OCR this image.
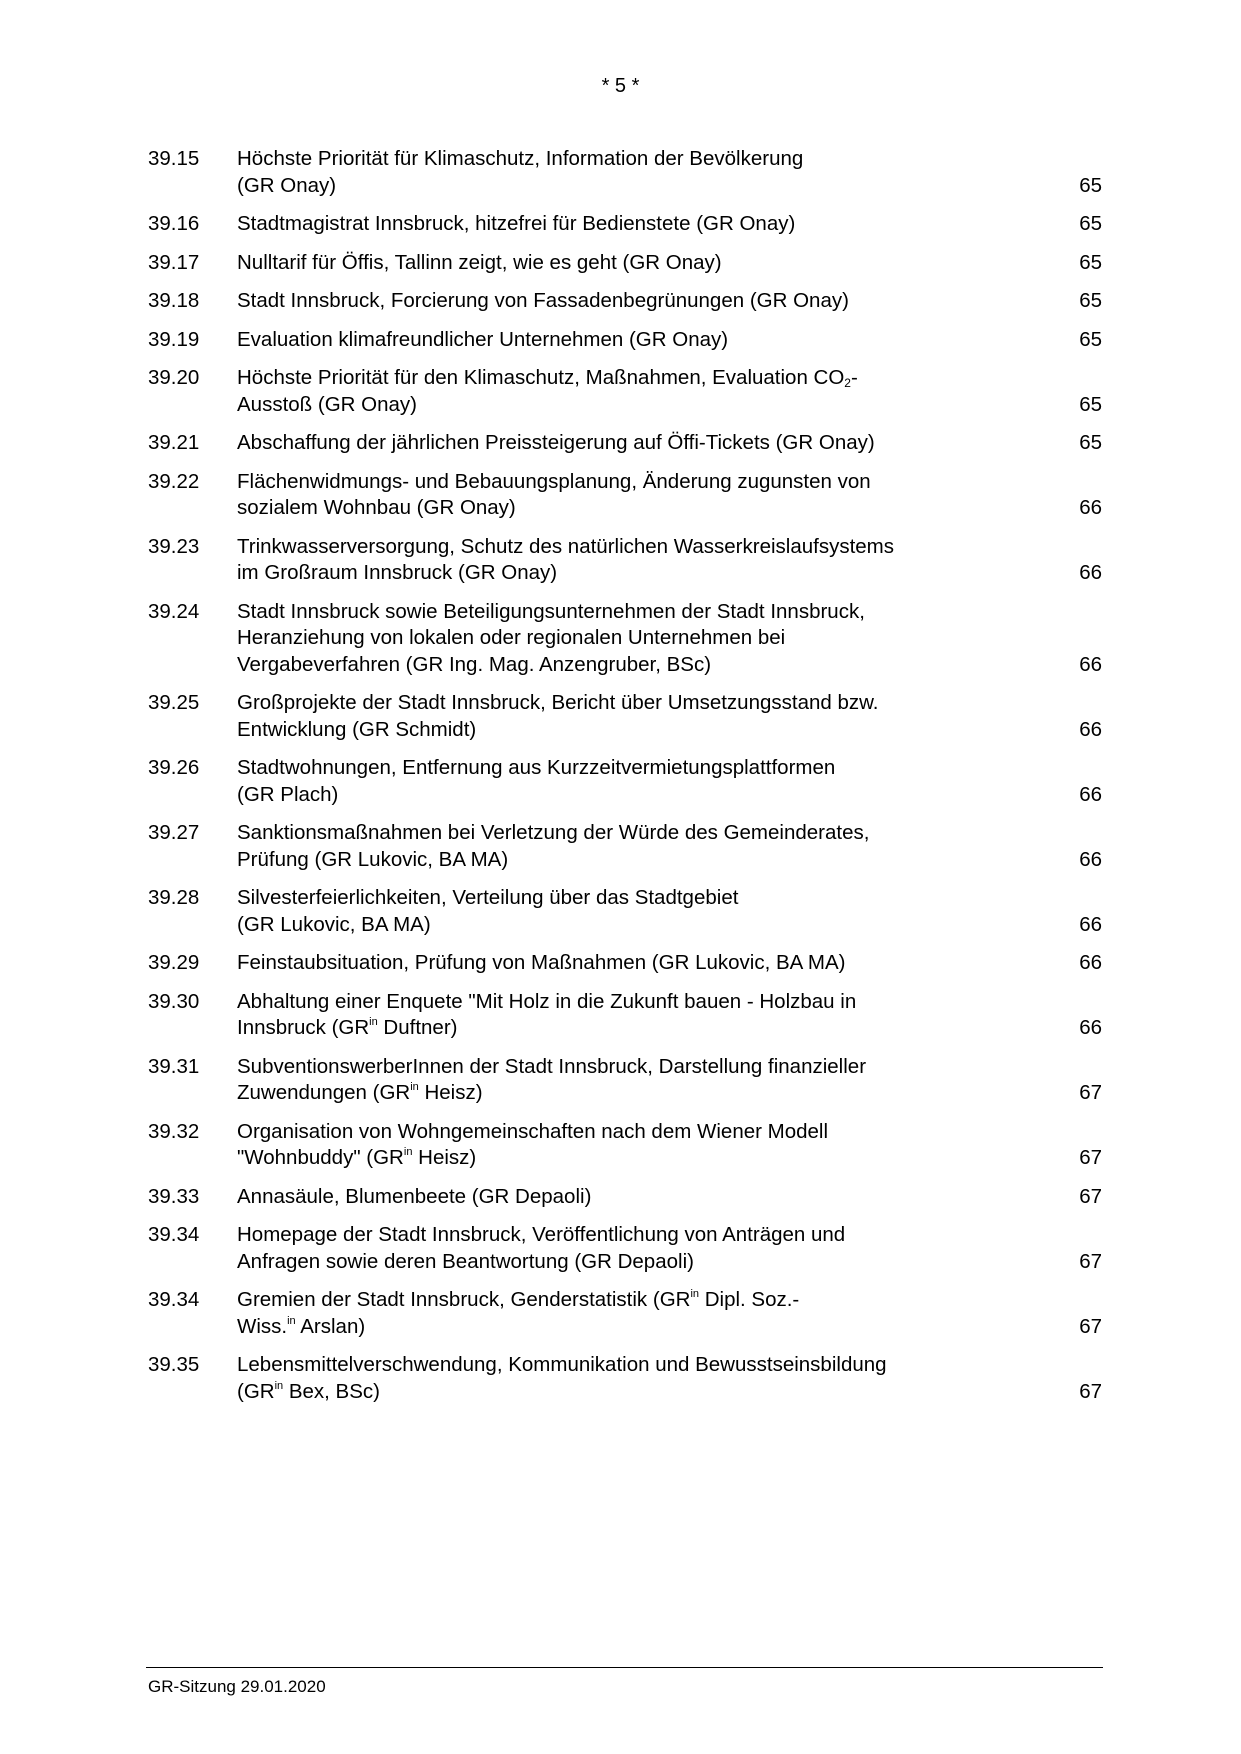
* 5 *
39.15	Höchste Priorität für Klimaschutz, Information der Bevölkerung
(GR Onay)	65
39.16	Stadtmagistrat Innsbruck, hitzefrei für Bedienstete (GR Onay)	65
39.17	Nulltarif für Öffis, Tallinn zeigt, wie es geht (GR Onay)	65
39.18	Stadt Innsbruck, Forcierung von Fassadenbegrünungen (GR Onay)	65
39.19	Evaluation klimafreundlicher Unternehmen (GR Onay)	65
39.20	Höchste Priorität für den Klimaschutz, Maßnahmen, Evaluation $CO_2-$
Ausstoß (GR Onay)	65
39.21	Abschaffung der jährlichen Preissteigerung auf Öffi-Tickets (GR Onay)	65
39.22	Flächenwidmungs- und Bebauungsplanung, Änderung zugunsten von
sozialem Wohnbau (GR Onay)	66
39.23	Trinkwasserversorgung, Schutz des natürlichen Wasserkreislaufsystems
im Großraum Innsbruck (GR Onay)	66
39.24	Stadt Innsbruck sowie Beteiligungsunternehmen der Stadt Innsbruck,
Heranziehung von lokalen oder regionalen Unternehmen bei
Vergabeverfahren (GR Ing. Mag. Anzengruber, BSc)	66
39.25	Großprojekte der Stadt Innsbruck, Bericht über Umsetzungsstand bzw.
Entwicklung (GR Schmidt)	66
39.26	Stadtwohnungen, Entfernung aus Kurzzeitvermietungsplattformen
(GR Plach)	66
39.27	Sanktionsmaßnahmen bei Verletzung der Würde des Gemeinderates,
Prüfung (GR Lukovic, BA MA)	66
39.28	Silvesterfeierlichkeiten, Verteilung über das Stadtgebiet
(GR Lukovic, BA MA)	66
39.29	Feinstaubsituation, Prüfung von Maßnahmen (GR Lukovic, BA MA)	66
39.30	Abhaltung einer Enquete "Mit Holz in die Zukunft bauen - Holzbau in
Innsbruck ($GR^{in}$ Duftner)	66
39.31	SubventionswerberInnen der Stadt Innsbruck, Darstellung finanzieller
Zuwendungen ($GR^{in}$ Heisz)	67
39.32	Organisation von Wohngemeinschaften nach dem Wiener Modell
"Wohnbuddy" ($GR^{in}$ Heisz)	67
39.33	Annasäule, Blumenbeete (GR Depaoli)	67
39.34	Homepage der Stadt Innsbruck, Veröffentlichung von Anträgen und
Anfragen sowie deren Beantwortung (GR Depaoli)	67
39.34	Gremien der Stadt Innsbruck, Genderstatistik ($GR^{in}$ Dipl. Soz.-
Wiss.$^{in}$ Arslan)	67
39.35	Lebensmittelverschwendung, Kommunikation und Bewusstseinsbildung
($GR^{in}$ Bex, BSc)	67
GR-Sitzung 29.01.2020
